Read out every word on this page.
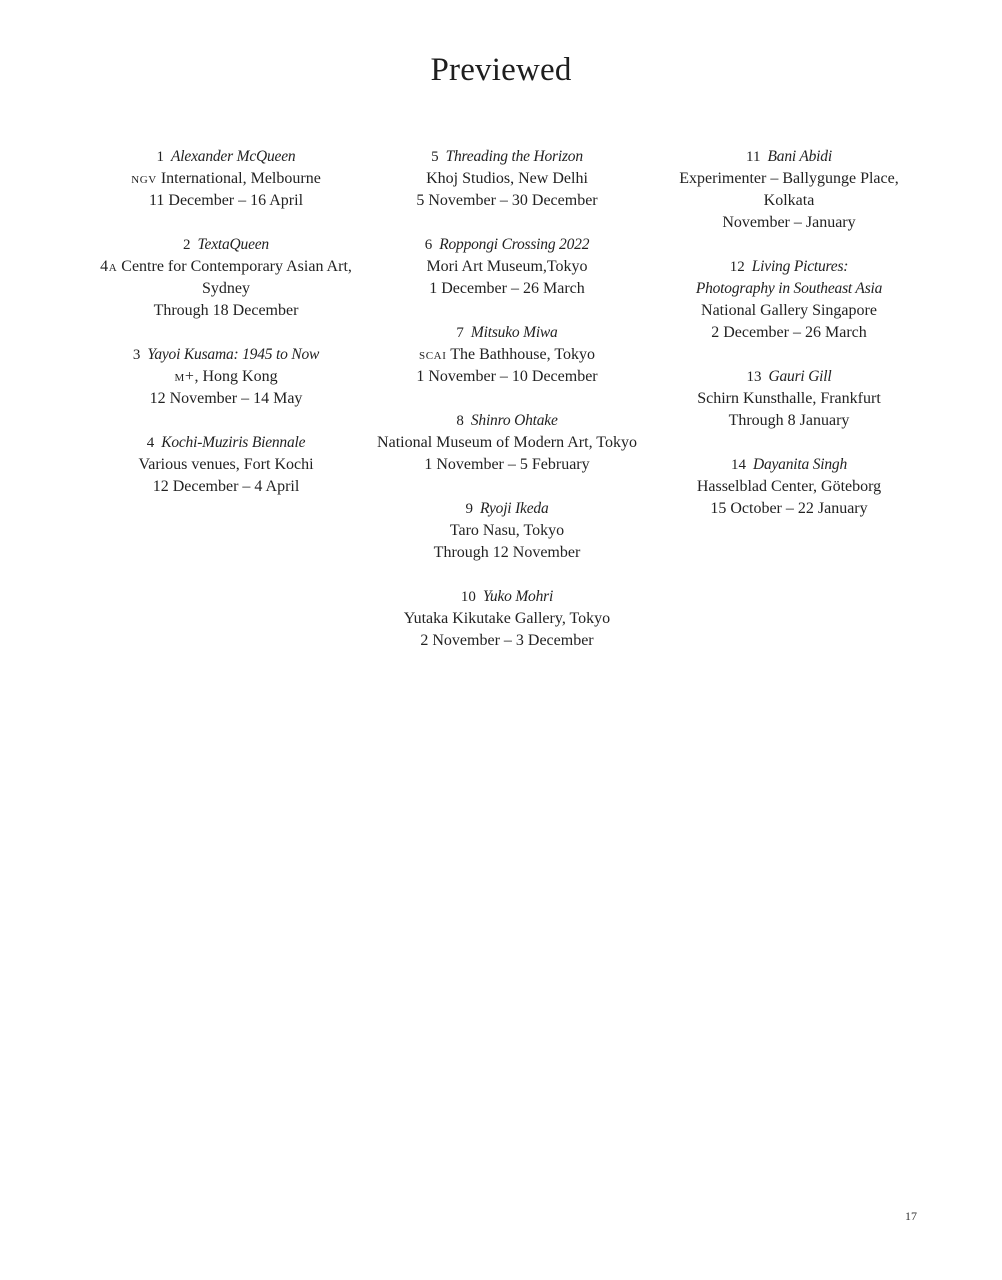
Previewed
1 Alexander McQueen
ngv International, Melbourne
11 December – 16 April
2 TextaQueen
4a Centre for Contemporary Asian Art,
Sydney
Through 18 December
3 Yayoi Kusama: 1945 to Now
m+, Hong Kong
12 November – 14 May
4 Kochi-Muziris Biennale
Various venues, Fort Kochi
12 December – 4 April
5 Threading the Horizon
Khoj Studios, New Delhi
5 November – 30 December
6 Roppongi Crossing 2022
Mori Art Museum,Tokyo
1 December – 26 March
7 Mitsuko Miwa
scai The Bathhouse, Tokyo
1 November – 10 December
8 Shinro Ohtake
National Museum of Modern Art, Tokyo
1 November – 5 February
9 Ryoji Ikeda
Taro Nasu, Tokyo
Through 12 November
10 Yuko Mohri
Yutaka Kikutake Gallery, Tokyo
2 November – 3 December
11 Bani Abidi
Experimenter – Ballygunge Place,
Kolkata
November – January
12 Living Pictures:
Photography in Southeast Asia
National Gallery Singapore
2 December – 26 March
13 Gauri Gill
Schirn Kunsthalle, Frankfurt
Through 8 January
14 Dayanita Singh
Hasselblad Center, Göteborg
15 October – 22 January
17
